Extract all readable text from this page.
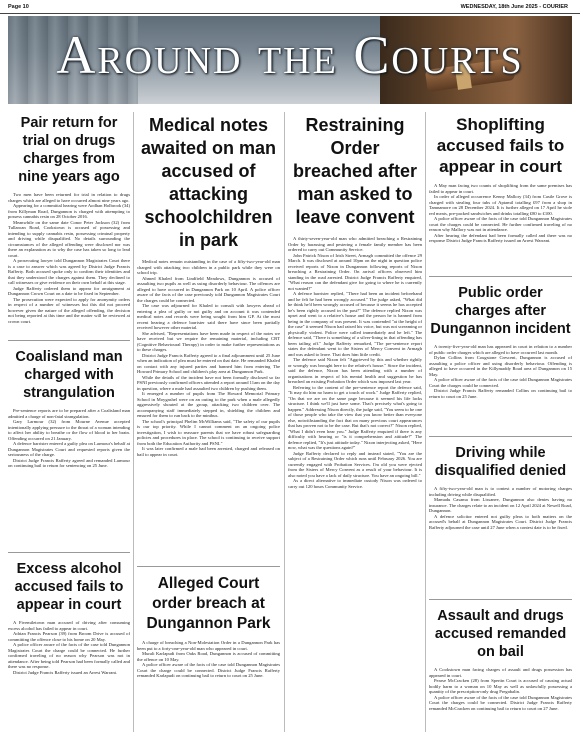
Page 10	WEDNESDAY, 18th June 2025 - COURIER
Around the Courts
Pair return for trial on drugs charges from nine years ago

Two men have been returned for trial in relation to drugs charges which are alleged to have occurred almost nine years ago.

Appearing for a committal hearing were Aodhan Holbrook (34) from Killyman Road, Dungannon is charged with attempting to possess cannabis resin on 28 October 2016.

Meanwhile on the same date Conor Peter Jackson (32) from Tullaroan Road, Cookstown is accused of possessing and intending to supply cannabis resin, possessing criminal property and driving while disqualified. No details surrounding the circumstances of the alleged offending were disclosed nor was there an explanation as to why the case has taken so long to lead court.

A prosecuting lawyer told Dungannon Magistrates Court there is a case to answer which was agreed by District Judge Francis Rafferty. Both accused spoke only to confirm their identities and that they understood the charges against them. They declined to call witnesses or give evidence on their own behalf at this stage.

Judge Rafferty ordered them to appear for arraignment at Dungannon Crown Court on a date to be fixed in September.

The prosecution were expected to apply for anonymity orders in respect of a number of witnesses but this did not proceed however given the nature of the alleged offending, the decision not being reported at this time and the matter will be reviewed at crown court.

Coalisland man charged with strangulation

Pre-sentence reports are to be prepared after a Coalisland man admitted a charge of non-fatal strangulation.

Gary Larmour (32) from Mourne Avenue accepted intentionally applying pressure to the throat of a woman intending to affect her ability to breathe or the flow of blood to her brain. Offending occurred on 21 January.

A defence barrister entered a guilty plea on Larmour's behalf at Dungannon Magistrates Court and requested reports given the seriousness of the charge.

District Judge Francis Rafferty agreed and remanded Larmour on continuing bail to return for sentencing on 25 June.

Excess alcohol accused fails to appear in court

A Fivemiletown man accused of driving after consuming excess alcohol has failed to appear in court.

Adrian Francis Pearson (39) from Broom Drive is accused of committing the offence close to his home on 20 May.

A police officer aware of the facts of the case told Dungannon Magistrates Court the charge could be connected. He further confirmed traveling of no reason why Pearson was not in attendance. After being told Pearson had been formally called and there was no response.

District Judge Francis Rafferty issued an Arrest Warrant.

Medical notes awaited on man accused of attacking schoolchildren in park

Medical notes remain outstanding in the case of a fifty-two-year-old man charged with attacking two children in a public park while they were on school trip.

Ahmed Khaled from Lindfield Meadows, Dungannon is accused of assaulting two pupils as well as using disorderly behaviour. The offences are alleged to have occurred in Dungannon Park on 10 April. A police officer aware of the facts of the case previously told Dungannon Magistrates Court the charges could be connected.

The case was adjourned for Khaled to consult with lawyers ahead of entering a plea of guilty or not guilty and on account it was contended medical notes and records were being sought from him GP. At the most recent hearing a defence barrister said there have since been partially received however other material.

She advised, "Representations have been made in respect of the notes we have received but we require the remaining material, including CBT (Cognitive Behavioural Therapy) in order to make further representations as to these charges.

District Judge Francis Rafferty agreed to a final adjournment until 25 June when an indication of plea must be entered on that date. He remanded Khaled on contact with any injured parties and banned him from entering The Howard Primary School and children's play area at Dungannon Park.

While the details of the incident have not been formally disclosed so far PSNI previously confirmed officers attended a report around 11am on the day in question, where a male had assaulted two children by pushing them.

It emerged a number of pupils from The Howard Memorial Primary School in Moygashel were on an outing to the park when a male allegedly aggressively shouted at the group, attacking two children over. The accompanying staff immediately stepped in, shielding the children and ensured for them to run back to the minibus.

The school's principal Phelim McWilliams said, "The safety of our pupils is our top priority. While I cannot comment on an ongoing police investigation, I wish to reassure parents that we have robust safeguarding policies and procedures in place. The school is continuing to receive support from both the Education Authority and PSNI."

It was later confirmed a male had been arrested, charged and released on bail to appear in court.

Alleged Court order breach at Dungannon Park

A charge of breaching a Non-Molestation Order in a Dungannon Park has been put to a forty-one-year-old man who appeared in court.

Murali Karlapudi from Oaks Road, Dungannon is accused of committing the offence on 10 May.

A police officer aware of the facts of the case told Dungannon Magistrates Court the charge could be connected. District Judge Francis Rafferty remanded Karlapudi on continuing bail to return to court on 25 June.

Restraining Order breached after man asked to leave convent

A thirty-seven-year-old man who admitted breaching a Restraining Order by harassing and pestering a female family member has been ordered to carry out Community Service.

John Patrick Nixon of Irish Street, Armagh committed the offence 29 March. It was disclosed at around 10pm on the night in question police received reports of Nixon in Dungannon following reports of Nixon breaching a Restraining Order. On arrival officers observed him standing in the road arrested. District Judge Francis Rafferty enquired, "What reason can the defendant give for going to where he is currently not wanted?"

A defence barrister replied, "There had been an incident beforehand and he felt he had been wrongly accused." The judge asked, "What did he think he'd been wrongly accused of because it seems he has accepted he's been rightly accused in the past?" The defence replied Nixon was upset and went to a relative's house and the person he is banned from being in the company of was present. It was contended "at the height of the case" it seemed Nixon had raised his voice, but was not screaming or physically violent. Police were called immediately and he left." The defence said, "There is something of a silver-lining in that offending has been tailing off." Judge Rafferty remarked, "The pre-sentence report states the defendant went to the Sisters of Mercy Convent in Armagh and was asked to leave. That does him little credit.

The defence said Nixon felt "Aggrieved by this and whether rightly or wrongly was brought here to the relative's house." Since the incident, said the defence, Nixon has been attending with a number of organisations in respect of his mental health and suggestion he has breached an existing Probation Order which was imposed last year.

Referring to the content of the pre-sentence report the defence said, "It may do him no harm to get a touch of work." Judge Rafferty replied, "On that we are on the same page because it seemed his life lacks structure. I think we'll just have some. That's precisely what's going to happen." Addressing Nixon directly, the judge said, "You seem to be one of those people who take the view that you know better than everyone else, notwithstanding the fact that on many previous court appearances that has proven not to be the case. But that's not correct?" Nixon replied, "What I didn't even hear you." Judge Rafferty enquired if there is any difficulty with hearing or "is it comprehension and attitude?" The defence replied, "It's just attitude today." Nixon interjecting asked, "Here now, what was the questions again?"

Judge Rafferty declared to reply and instead stated, "You are the subject of a Restraining Order which runs until February 2026. You are currently engaged with Probation Services. I'm old you were ejected from the Sisters of Mercy Convent as a result of your behaviour. It is also noted you have a lack of daily structure. You have an ongoing bill."

As a direct alternative to immediate custody Nixon was ordered to carry out 120 hours Community Service.

Shoplifting accused fails to appear in court

A May man facing two counts of shoplifting from the same premises has failed to appear in court.

In order of alleged occurrence Kenny Mallory (34) from Castle Grove is charged with stealing four tubs of Aptamil totalling £97 from a shop in Tamnamore on 28 December 2024. It is further alleged on 17 April he stole red meats, pre-packed sandwiches and drinks totalling £80 to £100.

A police officer aware of the facts of the case told Dungannon Magistrates court the charges could be connected. He further confirmed traveling of no reason why Mallory was not in attendance.

After hearing the defendant had been formally called and there was no response District Judge Francis Rafferty issued an Arrest Warrant.

Public order charges after Dungannon incident

A twenty-five-year-old man has appeared in court in relation to a number of public order charges which are alleged to have occurred last month.

Dylan Collins from Cougstone Crescent, Dungannon is accused of assaulting a police officer and using disorderly behaviour. Offending is alleged to have occurred in the Killymaddy Road area of Dungannon on 15 May.

A police officer aware of the facts of the case told Dungannon Magistrates Court the charges could be connected.

District Judge Francis Rafferty remanded Collins on continuing bail to return to court on 25 June.

Driving while disqualified denied

A fifty-two-year-old man is to contest a number of motoring charges including driving while disqualified.

Mamadu Casama from Lissanee, Dungannon also denies having no insurance. The charges relate to an incident on 12 April 2024 at Newell Road, Dungannon.

A defence solicitor entered not guilty pleas to both matters on the accused's behalf at Dungannon Magistrates Court. District Judge Francis Rafferty adjourned the case until 27 June when a contest date is to be fixed.

Assault and drugs accused remanded on bail

A Cookstown man facing charges of assault and drugs possession has appeared in court.

Pearse McCracken (28) from Spertin Court is accused of causing actual bodily harm to a woman on 10 May as well as unlawfully possessing a quantity of the prescription-only drug Pregabalin.

A police officer aware of the facts of the case told Dungannon Magistrates Court the charges could be connected. District Judge Francis Rafferty remanded McCracken on continuing bail to return to court on 27 June.
